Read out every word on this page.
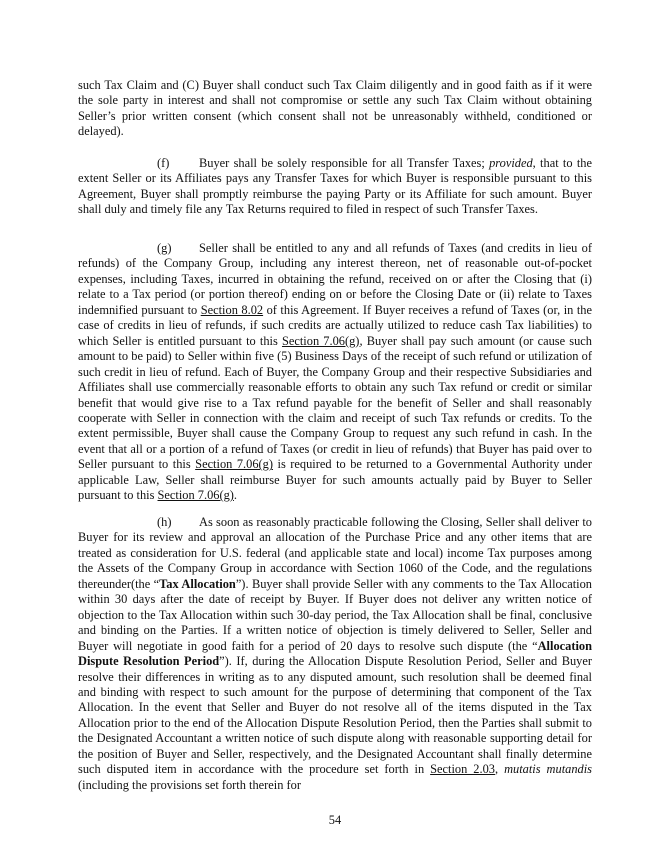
such Tax Claim and (C) Buyer shall conduct such Tax Claim diligently and in good faith as if it were the sole party in interest and shall not compromise or settle any such Tax Claim without obtaining Seller’s prior written consent (which consent shall not be unreasonably withheld, conditioned or delayed).

(f) Buyer shall be solely responsible for all Transfer Taxes; provided, that to the extent Seller or its Affiliates pays any Transfer Taxes for which Buyer is responsible pursuant to this Agreement, Buyer shall promptly reimburse the paying Party or its Affiliate for such amount. Buyer shall duly and timely file any Tax Returns required to filed in respect of such Transfer Taxes.

(g) Seller shall be entitled to any and all refunds of Taxes (and credits in lieu of refunds) of the Company Group, including any interest thereon, net of reasonable out-of-pocket expenses, including Taxes, incurred in obtaining the refund, received on or after the Closing that (i) relate to a Tax period (or portion thereof) ending on or before the Closing Date or (ii) relate to Taxes indemnified pursuant to Section 8.02 of this Agreement. If Buyer receives a refund of Taxes (or, in the case of credits in lieu of refunds, if such credits are actually utilized to reduce cash Tax liabilities) to which Seller is entitled pursuant to this Section 7.06(g), Buyer shall pay such amount (or cause such amount to be paid) to Seller within five (5) Business Days of the receipt of such refund or utilization of such credit in lieu of refund. Each of Buyer, the Company Group and their respective Subsidiaries and Affiliates shall use commercially reasonable efforts to obtain any such Tax refund or credit or similar benefit that would give rise to a Tax refund payable for the benefit of Seller and shall reasonably cooperate with Seller in connection with the claim and receipt of such Tax refunds or credits. To the extent permissible, Buyer shall cause the Company Group to request any such refund in cash. In the event that all or a portion of a refund of Taxes (or credit in lieu of refunds) that Buyer has paid over to Seller pursuant to this Section 7.06(g) is required to be returned to a Governmental Authority under applicable Law, Seller shall reimburse Buyer for such amounts actually paid by Buyer to Seller pursuant to this Section 7.06(g).

(h) As soon as reasonably practicable following the Closing, Seller shall deliver to Buyer for its review and approval an allocation of the Purchase Price and any other items that are treated as consideration for U.S. federal (and applicable state and local) income Tax purposes among the Assets of the Company Group in accordance with Section 1060 of the Code, and the regulations thereunder(the “Tax Allocation”). Buyer shall provide Seller with any comments to the Tax Allocation within 30 days after the date of receipt by Buyer. If Buyer does not deliver any written notice of objection to the Tax Allocation within such 30-day period, the Tax Allocation shall be final, conclusive and binding on the Parties. If a written notice of objection is timely delivered to Seller, Seller and Buyer will negotiate in good faith for a period of 20 days to resolve such dispute (the “Allocation Dispute Resolution Period”). If, during the Allocation Dispute Resolution Period, Seller and Buyer resolve their differences in writing as to any disputed amount, such resolution shall be deemed final and binding with respect to such amount for the purpose of determining that component of the Tax Allocation. In the event that Seller and Buyer do not resolve all of the items disputed in the Tax Allocation prior to the end of the Allocation Dispute Resolution Period, then the Parties shall submit to the Designated Accountant a written notice of such dispute along with reasonable supporting detail for the position of Buyer and Seller, respectively, and the Designated Accountant shall finally determine such disputed item in accordance with the procedure set forth in Section 2.03, mutatis mutandis (including the provisions set forth therein for

54
